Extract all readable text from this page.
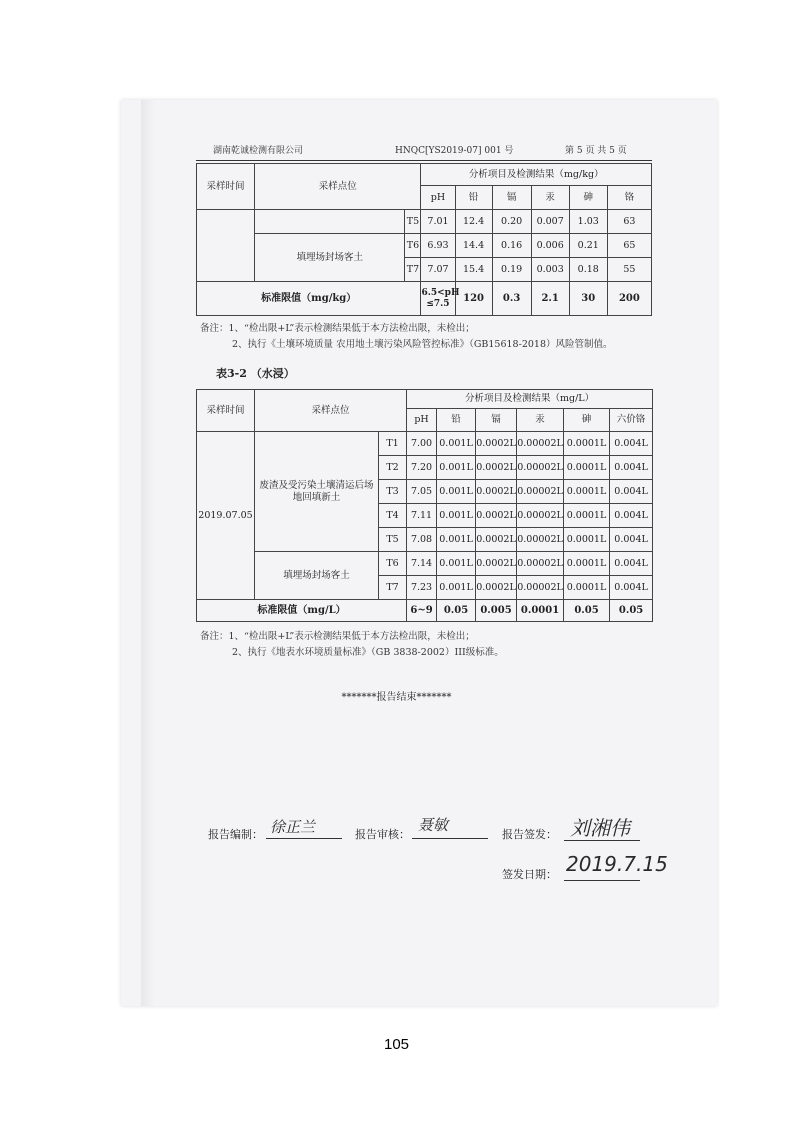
湖南乾诚检测有限公司	HNQC[YS2019-07] 001 号	第 5 页 共 5 页
采样时间	采样点位		分析项目及检测结果（mg/kg）					
			pH	铅	镉	汞	砷	铬
		T5	7.01	12.4	0.20	0.007	1.03	63
	填埋场封场客土	T6	6.93	14.4	0.16	0.006	0.21	65
		T7	7.07	15.4	0.19	0.003	0.18	55
标准限值（mg/kg）			6.5<pH ≤7.5	120	0.3	2.1	30	200
备注：1、“检出限+L”表示检测结果低于本方法检出限，未检出；
2、执行《土壤环境质量 农用地土壤污染风险管控标准》（GB15618-2018）风险管制值。
表3-2 （水浸）
采样时间	采样点位		分析项目及检测结果（mg/L）					
			pH	铅	镉	汞	砷	六价铬
2019.07.05	废渣及受污染土壤清运后场地回填新土	T1	7.00	0.001L	0.0002L	0.00002L	0.0001L	0.004L
		T2	7.20	0.001L	0.0002L	0.00002L	0.0001L	0.004L
		T3	7.05	0.001L	0.0002L	0.00002L	0.0001L	0.004L
		T4	7.11	0.001L	0.0002L	0.00002L	0.0001L	0.004L
		T5	7.08	0.001L	0.0002L	0.00002L	0.0001L	0.004L
	填埋场封场客土	T6	7.14	0.001L	0.0002L	0.00002L	0.0001L	0.004L
		T7	7.23	0.001L	0.0002L	0.00002L	0.0001L	0.004L
标准限值（mg/L）			6~9	0.05	0.005	0.0001	0.05	0.05
备注：1、“检出限+L”表示检测结果低于本方法检出限，未检出；
2、执行《地表水环境质量标准》（GB 3838-2002）III级标准。
*******报告结束*******
报告编制： 徐正兰	报告审核：
聂敏
报告签发： 刘湘伟
签发日期： 2019.7.15
105
